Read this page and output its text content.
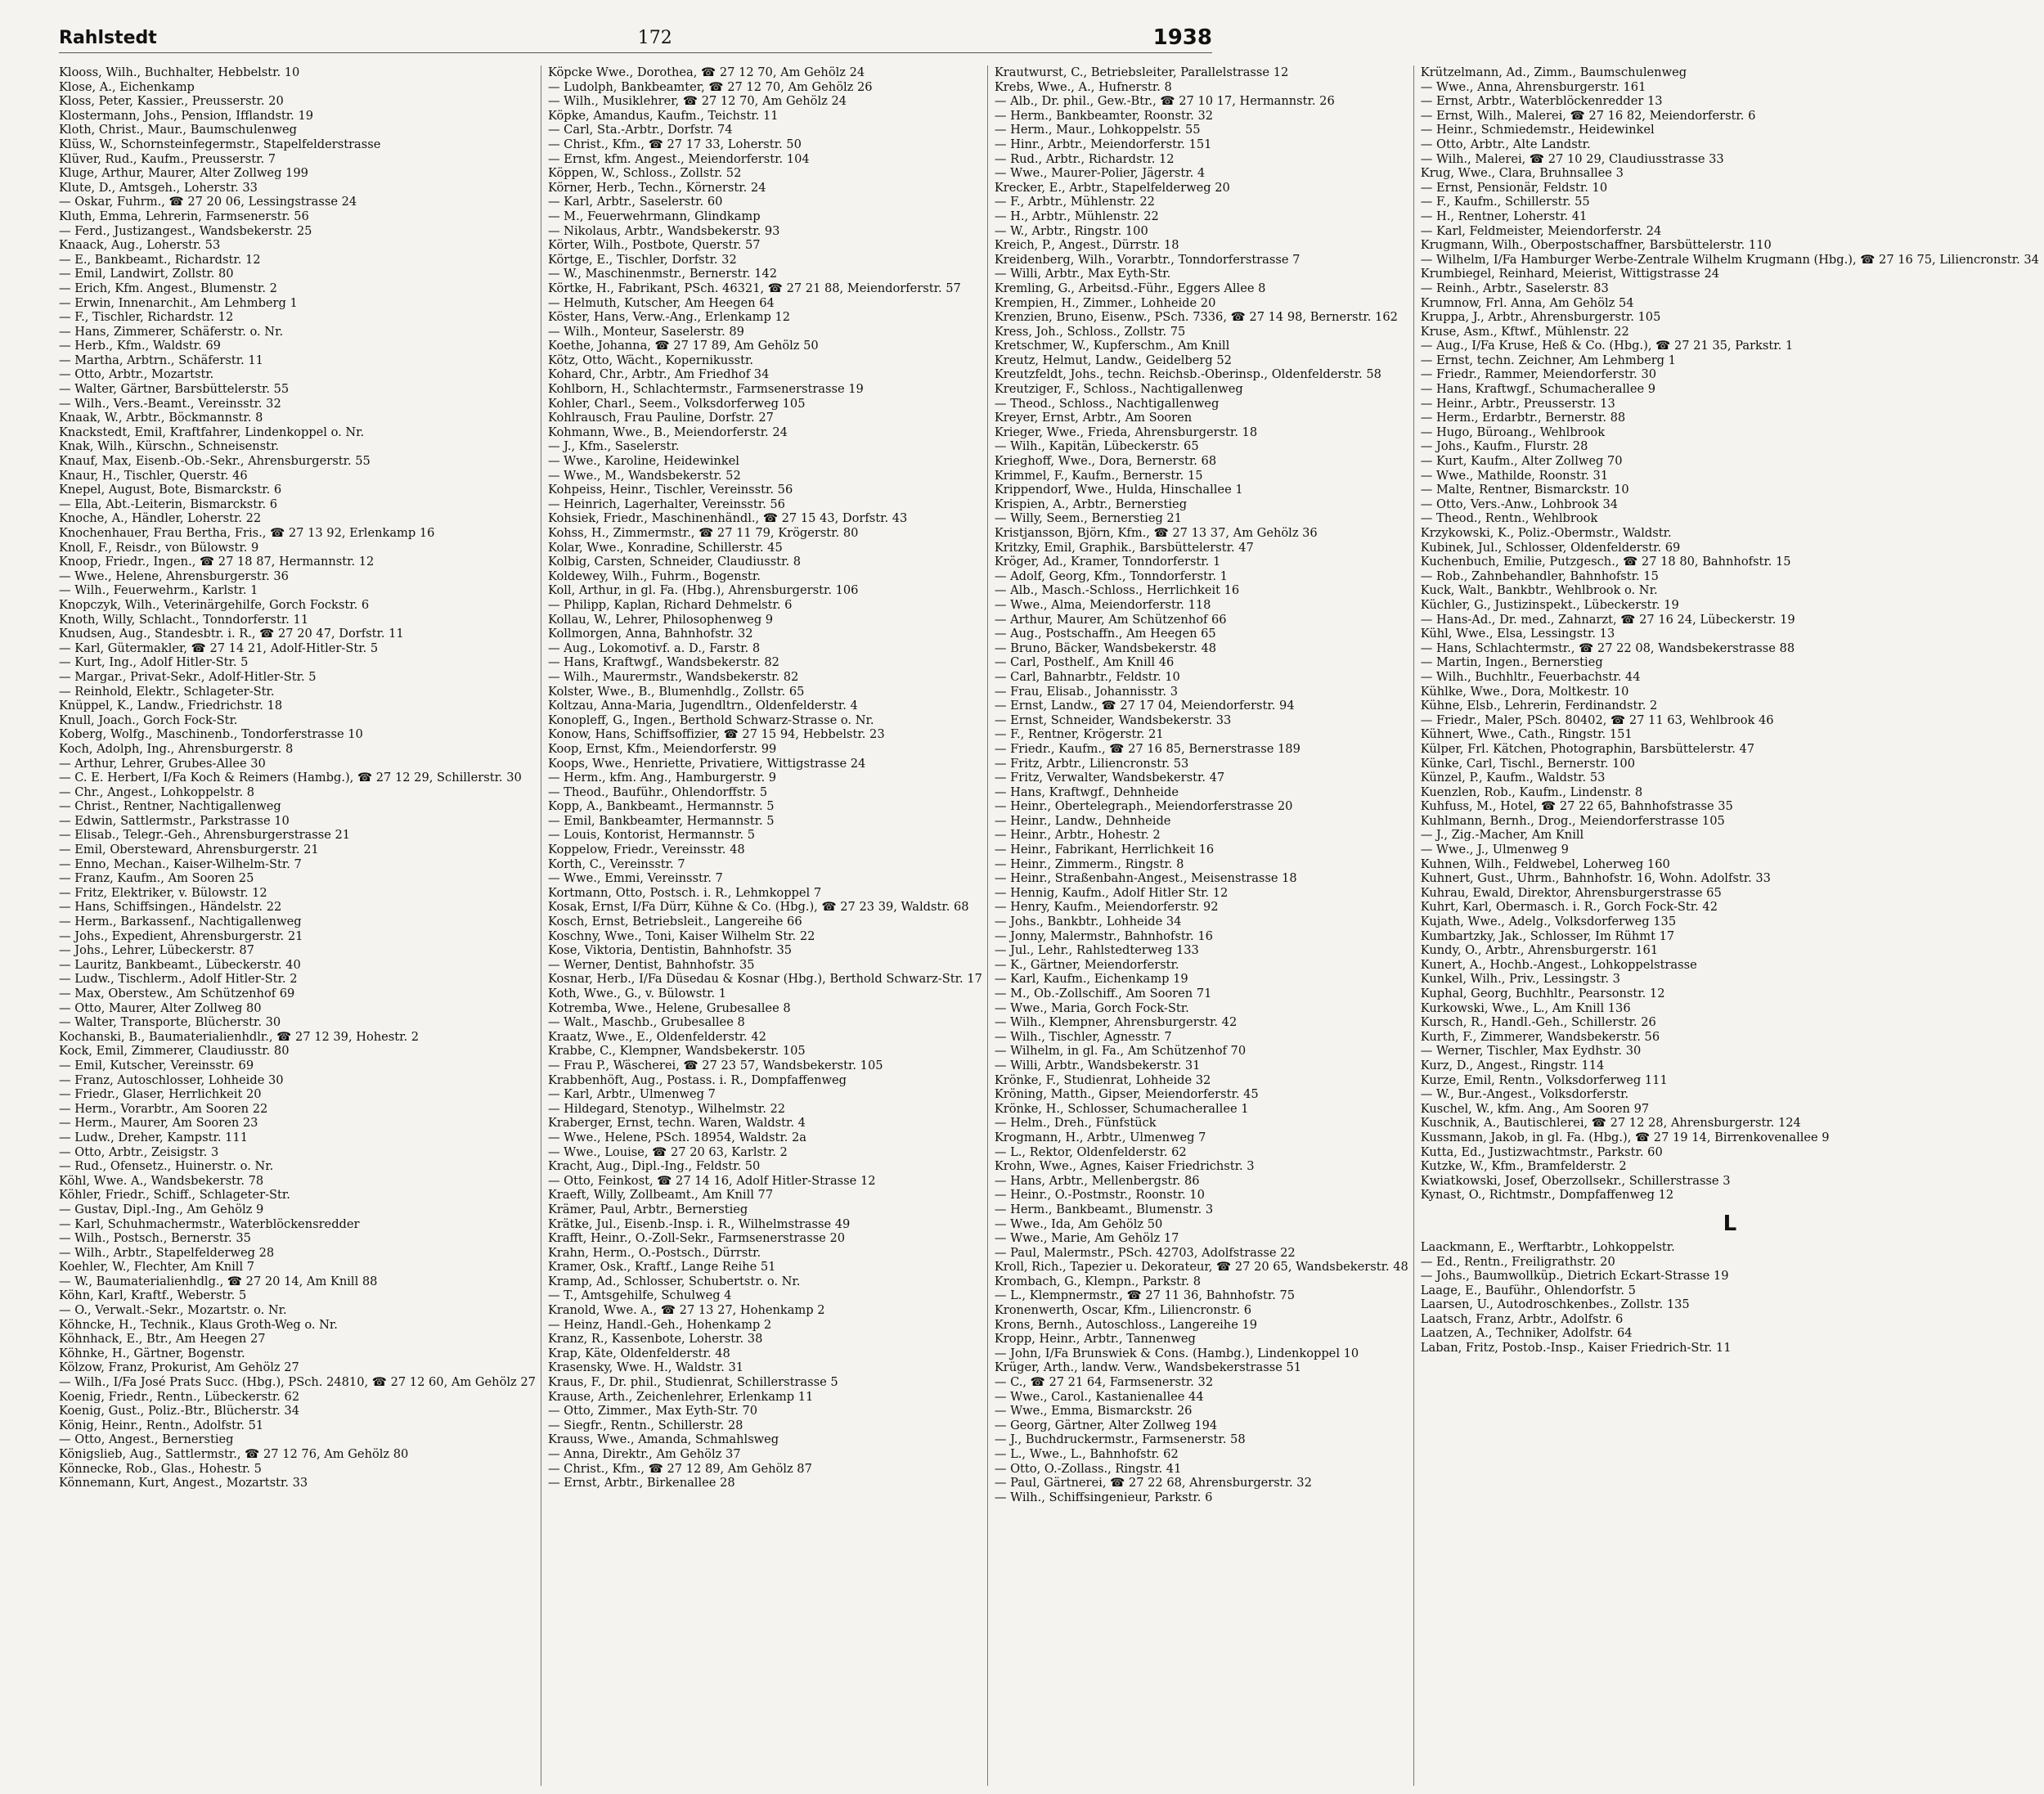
Rahlstedt	172	1938
Klooss, Wilh., Buchhalter, Hebbelstr. 10
Klose, A., Eichenkamp
Kloss, Peter, Kassier., Preusserstr. 20
Klostermann, Johs., Pension, Ifflandstr. 19
Kloth, Christ., Maur., Baumschulenweg
Klüss, W., Schornsteinfegermstr., Stapelfelderstrasse
Klüver, Rud., Kaufm., Preusserstr. 7
Kluge, Arthur, Maurer, Alter Zollweg 199
Klute, D., Amtsgeh., Loherstr. 33
— Oskar, Fuhrm., ☎ 27 20 06, Lessingstrasse 24
Kluth, Emma, Lehrerin, Farmsenerstr. 56
— Ferd., Justizangest., Wandsbekerstr. 25
Knaack, Aug., Loherstr. 53
— E., Bankbeamt., Richardstr. 12
— Emil, Landwirt, Zollstr. 80
— Erich, Kfm. Angest., Blumenstr. 2
— Erwin, Innenarchit., Am Lehmberg 1
— F., Tischler, Richardstr. 12
— Hans, Zimmerer, Schäferstr. o. Nr.
— Herb., Kfm., Waldstr. 69
— Martha, Arbtrn., Schäferstr. 11
— Otto, Arbtr., Mozartstr.
— Walter, Gärtner, Barsbüttelerstr. 55
— Wilh., Vers.-Beamt., Vereinsstr. 32
Knaak, W., Arbtr., Böckmannstr. 8
Knackstedt, Emil, Kraftfahrer, Lindenkoppel o. Nr.
Knak, Wilh., Kürschn., Schneisenstr.
Knauf, Max, Eisenb.-Ob.-Sekr., Ahrensburgerstr. 55
Knaur, H., Tischler, Querstr. 46
Knepel, August, Bote, Bismarckstr. 6
— Ella, Abt.-Leiterin, Bismarckstr. 6
Knoche, A., Händler, Loherstr. 22
Knochenhauer, Frau Bertha, Fris., ☎ 27 13 92, Erlenkamp 16
Knoll, F., Reisdr., von Bülowstr. 9
Knoop, Friedr., Ingen., ☎ 27 18 87, Hermannstr. 12
— Wwe., Helene, Ahrensburgerstr. 36
— Wilh., Feuerwehrm., Karlstr. 1
Knopczyk, Wilh., Veterinärgehilfe, Gorch Fockstr. 6
Knoth, Willy, Schlacht., Tonndorferstr. 11
Knudsen, Aug., Standesbtr. i. R., ☎ 27 20 47, Dorfstr. 11
— Karl, Gütermakler, ☎ 27 14 21, Adolf-Hitler-Str. 5
— Kurt, Ing., Adolf Hitler-Str. 5
— Margar., Privat-Sekr., Adolf-Hitler-Str. 5
— Reinhold, Elektr., Schlageter-Str.
Knüppel, K., Landw., Friedrichstr. 18
Knull, Joach., Gorch Fock-Str.
Koberg, Wolfg., Maschinenb., Tondorferstrasse 10
Koch, Adolph, Ing., Ahrensburgerstr. 8
— Arthur, Lehrer, Grubes-Allee 30
— C. E. Herbert, I/Fa Koch & Reimers (Hambg.), ☎ 27 12 29, Schillerstr. 30
— Chr., Angest., Lohkoppelstr. 8
— Christ., Rentner, Nachtigallenweg
— Edwin, Sattlermstr., Parkstrasse 10
— Elisab., Telegr.-Geh., Ahrensburgerstrasse 21
— Emil, Obersteward, Ahrensburgerstr. 21
— Enno, Mechan., Kaiser-Wilhelm-Str. 7
— Franz, Kaufm., Am Sooren 25
— Fritz, Elektriker, v. Bülowstr. 12
— Hans, Schiffsingen., Händelstr. 22
— Herm., Barkassenf., Nachtigallenweg
— Johs., Expedient, Ahrensburgerstr. 21
— Johs., Lehrer, Lübeckerstr. 87
— Lauritz, Bankbeamt., Lübeckerstr. 40
— Ludw., Tischlerm., Adolf Hitler-Str. 2
— Max, Oberstew., Am Schützenhof 69
— Otto, Maurer, Alter Zollweg 80
— Walter, Transporte, Blücherstr. 30
Kochanski, B., Baumaterialienhdlr., ☎ 27 12 39, Hohestr. 2
Kock, Emil, Zimmerer, Claudiusstr. 80
— Emil, Kutscher, Vereinsstr. 69
— Franz, Autoschlosser, Lohheide 30
— Friedr., Glaser, Herrlichkeit 20
— Herm., Vorarbtr., Am Sooren 22
— Herm., Maurer, Am Sooren 23
— Ludw., Dreher, Kampstr. 111
— Otto, Arbtr., Zeisigstr. 3
— Rud., Ofensetz., Huinerstr. o. Nr.
Köhl, Wwe. A., Wandsbekerstr. 78
Köhler, Friedr., Schiff., Schlageter-Str.
— Gustav, Dipl.-Ing., Am Gehölz 9
— Karl, Schuhmachermstr., Waterblöckensredder
— Wilh., Postsch., Bernerstr. 35
— Wilh., Arbtr., Stapelfelderweg 28
Koehler, W., Flechter, Am Knill 7
— W., Baumaterialienhdlg., ☎ 27 20 14, Am Knill 88
Köhn, Karl, Kraftf., Weberstr. 5
— O., Verwalt.-Sekr., Mozartstr. o. Nr.
Köhncke, H., Technik., Klaus Groth-Weg o. Nr.
Köhnhack, E., Btr., Am Heegen 27
Köhnke, H., Gärtner, Bogenstr.
Kölzow, Franz, Prokurist, Am Gehölz 27
— Wilh., I/Fa José Prats Succ. (Hbg.), PSch. 24810, ☎ 27 12 60, Am Gehölz 27
Koenig, Friedr., Rentn., Lübeckerstr. 62
Koenig, Gust., Poliz.-Btr., Blücherstr. 34
König, Heinr., Rentn., Adolfstr. 51
— Otto, Angest., Bernerstieg
Königslieb, Aug., Sattlermstr., ☎ 27 12 76, Am Gehölz 80
Könnecke, Rob., Glas., Hohestr. 5
Könnemann, Kurt, Angest., Mozartstr. 33
Köpcke Wwe., Dorothea, ☎ 27 12 70, Am Gehölz 24
— Ludolph, Bankbeamter, ☎ 27 12 70, Am Gehölz 26
— Wilh., Musiklehrer, ☎ 27 12 70, Am Gehölz 24
Köpke, Amandus, Kaufm., Teichstr. 11
— Carl, Sta.-Arbtr., Dorfstr. 74
— Christ., Kfm., ☎ 27 17 33, Loherstr. 50
— Ernst, kfm. Angest., Meiendorferstr. 104
Köppen, W., Schloss., Zollstr. 52
Körner, Herb., Techn., Körnerstr. 24
— Karl, Arbtr., Saselerstr. 60
— M., Feuerwehrmann, Glindkamp
— Nikolaus, Arbtr., Wandsbekerstr. 93
Körter, Wilh., Postbote, Querstr. 57
Körtge, E., Tischler, Dorfstr. 32
— W., Maschinenmstr., Bernerstr. 142
Körtke, H., Fabrikant, PSch. 46321, ☎ 27 21 88, Meiendorferstr. 57
— Helmuth, Kutscher, Am Heegen 64
Köster, Hans, Verw.-Ang., Erlenkamp 12
— Wilh., Monteur, Saselerstr. 89
Koethe, Johanna, ☎ 27 17 89, Am Gehölz 50
Kötz, Otto, Wächt., Kopernikusstr.
Kohard, Chr., Arbtr., Am Friedhof 34
Kohlborn, H., Schlachtermstr., Farmsenerstrasse 19
Kohler, Charl., Seem., Volksdorferweg 105
Kohlrausch, Frau Pauline, Dorfstr. 27
Kohmann, Wwe., B., Meiendorferstr. 24
— J., Kfm., Saselerstr.
— Wwe., Karoline, Heidewinkel
— Wwe., M., Wandsbekerstr. 52
Kohpeiss, Heinr., Tischler, Vereinsstr. 56
— Heinrich, Lagerhalter, Vereinsstr. 56
Kohsiek, Friedr., Maschinenhändl., ☎ 27 15 43, Dorfstr. 43
Kohss, H., Zimmermstr., ☎ 27 11 79, Krögerstr. 80
Kolar, Wwe., Konradine, Schillerstr. 45
Kolbig, Carsten, Schneider, Claudiusstr. 8
Koldewey, Wilh., Fuhrm., Bogenstr.
Koll, Arthur, in gl. Fa. (Hbg.), Ahrensburgerstr. 106
— Philipp, Kaplan, Richard Dehmelstr. 6
Kollau, W., Lehrer, Philosophenweg 9
Kollmorgen, Anna, Bahnhofstr. 32
— Aug., Lokomotivf. a. D., Farstr. 8
— Hans, Kraftwgf., Wandsbekerstr. 82
— Wilh., Maurermstr., Wandsbekerstr. 82
Kolster, Wwe., B., Blumenhdlg., Zollstr. 65
Koltzau, Anna-Maria, Jugendltrn., Oldenfelderstr. 4
Konopleff, G., Ingen., Berthold Schwarz-Strasse o. Nr.
Konow, Hans, Schiffsoffizier, ☎ 27 15 94, Hebbelstr. 23
Koop, Ernst, Kfm., Meiendorferstr. 99
Koops, Wwe., Henriette, Privatiere, Wittigstrasse 24
— Herm., kfm. Ang., Hamburgerstr. 9
— Theod., Bauführ., Ohlendorffstr. 5
Kopp, A., Bankbeamt., Hermannstr. 5
— Emil, Bankbeamter, Hermannstr. 5
— Louis, Kontorist, Hermannstr. 5
Koppelow, Friedr., Vereinsstr. 48
Korth, C., Vereinsstr. 7
— Wwe., Emmi, Vereinsstr. 7
Kortmann, Otto, Postsch. i. R., Lehmkoppel 7
Kosak, Ernst, I/Fa Dürr, Kühne & Co. (Hbg.), ☎ 27 23 39, Waldstr. 68
Kosch, Ernst, Betriebsleit., Langereihe 66
Koschny, Wwe., Toni, Kaiser Wilhelm Str. 22
Kose, Viktoria, Dentistin, Bahnhofstr. 35
— Werner, Dentist, Bahnhofstr. 35
Kosnar, Herb., I/Fa Düsedau & Kosnar (Hbg.), Berthold Schwarz-Str. 17
Koth, Wwe., G., v. Bülowstr. 1
Kotremba, Wwe., Helene, Grubesallee 8
— Walt., Maschb., Grubesallee 8
Kraatz, Wwe., E., Oldenfelderstr. 42
Krabbe, C., Klempner, Wandsbekerstr. 105
— Frau P., Wäscherei, ☎ 27 23 57, Wandsbekerstr. 105
Krabbenhöft, Aug., Postass. i. R., Dompfaffenweg
— Karl, Arbtr., Ulmenweg 7
— Hildegard, Stenotyp., Wilhelmstr. 22
Kraberger, Ernst, techn. Waren, Waldstr. 4
— Wwe., Helene, PSch. 18954, Waldstr. 2a
— Wwe., Louise, ☎ 27 20 63, Karlstr. 2
Kracht, Aug., Dipl.-Ing., Feldstr. 50
— Otto, Feinkost, ☎ 27 14 16, Adolf Hitler-Strasse 12
Kraeft, Willy, Zollbeamt., Am Knill 77
Krämer, Paul, Arbtr., Bernerstieg
Krätke, Jul., Eisenb.-Insp. i. R., Wilhelmstrasse 49
Krafft, Heinr., O.-Zoll-Sekr., Farmsenerstrasse 20
Krahn, Herm., O.-Postsch., Dürrstr.
Kramer, Osk., Kraftf., Lange Reihe 51
Kramp, Ad., Schlosser, Schubertstr. o. Nr.
— T., Amtsgehilfe, Schulweg 4
Kranold, Wwe. A., ☎ 27 13 27, Hohenkamp 2
— Heinz, Handl.-Geh., Hohenkamp 2
Kranz, R., Kassenbote, Loherstr. 38
Krap, Käte, Oldenfelderstr. 48
Krasensky, Wwe. H., Waldstr. 31
Kraus, F., Dr. phil., Studienrat, Schillerstrasse 5
Krause, Arth., Zeichenlehrer, Erlenkamp 11
— Otto, Zimmer., Max Eyth-Str. 70
— Siegfr., Rentn., Schillerstr. 28
Krauss, Wwe., Amanda, Schmahlsweg
— Anna, Direktr., Am Gehölz 37
— Christ., Kfm., ☎ 27 12 89, Am Gehölz 87
— Ernst, Arbtr., Birkenallee 28
Krautwurst, C., Betriebsleiter, Parallelstrasse 12
Krebs, Wwe., A., Hufnerstr. 8
— Alb., Dr. phil., Gew.-Btr., ☎ 27 10 17, Hermannstr. 26
— Herm., Bankbeamter, Roonstr. 32
— Herm., Maur., Lohkoppelstr. 55
— Hinr., Arbtr., Meiendorferstr. 151
— Rud., Arbtr., Richardstr. 12
— Wwe., Maurer-Polier, Jägerstr. 4
Krecker, E., Arbtr., Stapelfelderweg 20
— F., Arbtr., Mühlenstr. 22
— H., Arbtr., Mühlenstr. 22
— W., Arbtr., Ringstr. 100
Kreich, P., Angest., Dürrstr. 18
Kreidenberg, Wilh., Vorarbtr., Tonndorferstrasse 7
— Willi, Arbtr., Max Eyth-Str.
Kremling, G., Arbeitsd.-Führ., Eggers Allee 8
Krempien, H., Zimmer., Lohheide 20
Krenzien, Bruno, Eisenw., PSch. 7336, ☎ 27 14 98, Bernerstr. 162
Kress, Joh., Schloss., Zollstr. 75
Kretschmer, W., Kupferschm., Am Knill
Kreutz, Helmut, Landw., Geidelberg 52
Kreutzfeldt, Johs., techn. Reichsb.-Oberinsp., Oldenfelderstr. 58
Kreutziger, F., Schloss., Nachtigallenweg
— Theod., Schloss., Nachtigallenweg
Kreyer, Ernst, Arbtr., Am Sooren
Krieger, Wwe., Frieda, Ahrensburgerstr. 18
— Wilh., Kapitän, Lübeckerstr. 65
Krieghoff, Wwe., Dora, Bernerstr. 68
Krimmel, F., Kaufm., Bernerstr. 15
Krippendorf, Wwe., Hulda, Hinschallee 1
Krispien, A., Arbtr., Bernerstieg
— Willy, Seem., Bernerstieg 21
Kristjansson, Björn, Kfm., ☎ 27 13 37, Am Gehölz 36
Kritzky, Emil, Graphik., Barsbüttelerstr. 47
Kröger, Ad., Kramer, Tonndorferstr. 1
— Adolf, Georg, Kfm., Tonndorferstr. 1
— Alb., Masch.-Schloss., Herrlichkeit 16
— Wwe., Alma, Meiendorferstr. 118
— Arthur, Maurer, Am Schützenhof 66
— Aug., Postschaffn., Am Heegen 65
— Bruno, Bäcker, Wandsbekerstr. 48
— Carl, Posthelf., Am Knill 46
— Carl, Bahnarbtr., Feldstr. 10
— Frau, Elisab., Johannisstr. 3
— Ernst, Landw., ☎ 27 17 04, Meiendorferstr. 94
— Ernst, Schneider, Wandsbekerstr. 33
— F., Rentner, Krögerstr. 21
— Friedr., Kaufm., ☎ 27 16 85, Bernerstrasse 189
— Fritz, Arbtr., Liliencronstr. 53
— Fritz, Verwalter, Wandsbekerstr. 47
— Hans, Kraftwgf., Dehnheide
— Heinr., Obertelegraph., Meiendorferstrasse 20
— Heinr., Landw., Dehnheide
— Heinr., Arbtr., Hohestr. 2
— Heinr., Fabrikant, Herrlichkeit 16
— Heinr., Zimmerm., Ringstr. 8
— Heinr., Straßenbahn-Angest., Meisenstrasse 18
— Hennig, Kaufm., Adolf Hitler Str. 12
— Henry, Kaufm., Meiendorferstr. 92
— Johs., Bankbtr., Lohheide 34
— Jonny, Malermstr., Bahnhofstr. 16
— Jul., Lehr., Rahlstedterweg 133
— K., Gärtner, Meiendorferstr.
— Karl, Kaufm., Eichenkamp 19
— M., Ob.-Zollschiff., Am Sooren 71
— Wwe., Maria, Gorch Fock-Str.
— Wilh., Klempner, Ahrensburgerstr. 42
— Wilh., Tischler, Agnesstr. 7
— Wilhelm, in gl. Fa., Am Schützenhof 70
— Willi, Arbtr., Wandsbekerstr. 31
Krönke, F., Studienrat, Lohheide 32
Kröning, Matth., Gipser, Meiendorferstr. 45
Krönke, H., Schlosser, Schumacherallee 1
— Helm., Dreh., Fünfstück
Krogmann, H., Arbtr., Ulmenweg 7
— L., Rektor, Oldenfelderstr. 62
Krohn, Wwe., Agnes, Kaiser Friedrichstr. 3
— Hans, Arbtr., Mellenbergstr. 86
— Heinr., O.-Postmstr., Roonstr. 10
— Herm., Bankbeamt., Blumenstr. 3
— Wwe., Ida, Am Gehölz 50
— Wwe., Marie, Am Gehölz 17
— Paul, Malermstr., PSch. 42703, Adolfstrasse 22
Kroll, Rich., Tapezier u. Dekorateur, ☎ 27 20 65, Wandsbekerstr. 48
Krombach, G., Klempn., Parkstr. 8
— L., Klempnermstr., ☎ 27 11 36, Bahnhofstr. 75
Kronenwerth, Oscar, Kfm., Liliencronstr. 6
Krons, Bernh., Autoschloss., Langereihe 19
Kropp, Heinr., Arbtr., Tannenweg
— John, I/Fa Brunswiek & Cons. (Hambg.), Lindenkoppel 10
Krüger, Arth., landw. Verw., Wandsbekerstrasse 51
— C., ☎ 27 21 64, Farmsenerstr. 32
— Wwe., Carol., Kastanienallee 44
— Wwe., Emma, Bismarckstr. 26
— Georg, Gärtner, Alter Zollweg 194
— J., Buchdruckermstr., Farmsenerstr. 58
— L., Wwe., L., Bahnhofstr. 62
— Otto, O.-Zollass., Ringstr. 41
— Paul, Gärtnerei, ☎ 27 22 68, Ahrensburgerstr. 32
— Wilh., Schiffsingenieur, Parkstr. 6
Krützelmann, Ad., Zimm., Baumschulenweg
— Wwe., Anna, Ahrensburgerstr. 161
— Ernst, Arbtr., Waterblöckenredder 13
— Ernst, Wilh., Malerei, ☎ 27 16 82, Meiendorferstr. 6
— Heinr., Schmiedemstr., Heidewinkel
— Otto, Arbtr., Alte Landstr.
— Wilh., Malerei, ☎ 27 10 29, Claudiusstrasse 33
Krug, Wwe., Clara, Bruhnsallee 3
— Ernst, Pensionär, Feldstr. 10
— F., Kaufm., Schillerstr. 55
— H., Rentner, Loherstr. 41
— Karl, Feldmeister, Meiendorferstr. 24
Krugmann, Wilh., Oberpostschaffner, Barsbüttelerstr. 110
— Wilhelm, I/Fa Hamburger Werbe-Zentrale Wilhelm Krugmann (Hbg.), ☎ 27 16 75, Liliencronstr. 34
Krumbiegel, Reinhard, Meierist, Wittigstrasse 24
— Reinh., Arbtr., Saselerstr. 83
Krumnow, Frl. Anna, Am Gehölz 54
Kruppa, J., Arbtr., Ahrensburgerstr. 105
Kruse, Asm., Kftwf., Mühlenstr. 22
— Aug., I/Fa Kruse, Heß & Co. (Hbg.), ☎ 27 21 35, Parkstr. 1
— Ernst, techn. Zeichner, Am Lehmberg 1
— Friedr., Rammer, Meiendorferstr. 30
— Hans, Kraftwgf., Schumacherallee 9
— Heinr., Arbtr., Preusserstr. 13
— Herm., Erdarbtr., Bernerstr. 88
— Hugo, Büroang., Wehlbrook
— Johs., Kaufm., Flurstr. 28
— Kurt, Kaufm., Alter Zollweg 70
— Wwe., Mathilde, Roonstr. 31
— Malte, Rentner, Bismarckstr. 10
— Otto, Vers.-Anw., Lohbrook 34
— Theod., Rentn., Wehlbrook
Krzykowski, K., Poliz.-Obermstr., Waldstr.
Kubinek, Jul., Schlosser, Oldenfelderstr. 69
Kuchenbuch, Emilie, Putzgesch., ☎ 27 18 80, Bahnhofstr. 15
— Rob., Zahnbehandler, Bahnhofstr. 15
Kuck, Walt., Bankbtr., Wehlbrook o. Nr.
Küchler, G., Justizinspekt., Lübeckerstr. 19
— Hans-Ad., Dr. med., Zahnarzt, ☎ 27 16 24, Lübeckerstr. 19
Kühl, Wwe., Elsa, Lessingstr. 13
— Hans, Schlachtermstr., ☎ 27 22 08, Wandsbekerstrasse 88
— Martin, Ingen., Bernerstieg
— Wilh., Buchhltr., Feuerbachstr. 44
Kühlke, Wwe., Dora, Moltkestr. 10
Kühne, Elsb., Lehrerin, Ferdinandstr. 2
— Friedr., Maler, PSch. 80402, ☎ 27 11 63, Wehlbrook 46
Kühnert, Wwe., Cath., Ringstr. 151
Külper, Frl. Kätchen, Photographin, Barsbüttelerstr. 47
Künke, Carl, Tischl., Bernerstr. 100
Künzel, P., Kaufm., Waldstr. 53
Kuenzlen, Rob., Kaufm., Lindenstr. 8
Kuhfuss, M., Hotel, ☎ 27 22 65, Bahnhofstrasse 35
Kuhlmann, Bernh., Drog., Meiendorferstrasse 105
— J., Zig.-Macher, Am Knill
— Wwe., J., Ulmenweg 9
Kuhnen, Wilh., Feldwebel, Loherweg 160
Kuhnert, Gust., Uhrm., Bahnhofstr. 16, Wohn. Adolfstr. 33
Kuhrau, Ewald, Direktor, Ahrensburgerstrasse 65
Kuhrt, Karl, Obermasch. i. R., Gorch Fock-Str. 42
Kujath, Wwe., Adelg., Volksdorferweg 135
Kumbartzky, Jak., Schlosser, Im Rühmt 17
Kundy, O., Arbtr., Ahrensburgerstr. 161
Kunert, A., Hochb.-Angest., Lohkoppelstrasse
Kunkel, Wilh., Priv., Lessingstr. 3
Kuphal, Georg, Buchhltr., Pearsonstr. 12
Kurkowski, Wwe., L., Am Knill 136
Kursch, R., Handl.-Geh., Schillerstr. 26
Kurth, F., Zimmerer, Wandsbekerstr. 56
— Werner, Tischler, Max Eydhstr. 30
Kurz, D., Angest., Ringstr. 114
Kurze, Emil, Rentn., Volksdorferweg 111
— W., Bur.-Angest., Volksdorferstr.
Kuschel, W., kfm. Ang., Am Sooren 97
Kuschnik, A., Bautischlerei, ☎ 27 12 28, Ahrensburgerstr. 124
Kussmann, Jakob, in gl. Fa. (Hbg.), ☎ 27 19 14, Birrenkovenallee 9
Kutta, Ed., Justizwachtmstr., Parkstr. 60
Kutzke, W., Kfm., Bramfelderstr. 2
Kwiatkowski, Josef, Oberzollsekr., Schillerstrasse 3
Kynast, O., Richtmstr., Dompfaffenweg 12
L
Laackmann, E., Werftarbtr., Lohkoppelstr.
— Ed., Rentn., Freiligrathstr. 20
— Johs., Baumwollküp., Dietrich Eckart-Strasse 19
Laage, E., Bauführ., Ohlendorfstr. 5
Laarsen, U., Autodroschkenbes., Zollstr. 135
Laatsch, Franz, Arbtr., Adolfstr. 6
Laatzen, A., Techniker, Adolfstr. 64
Laban, Fritz, Postob.-Insp., Kaiser Friedrich-Str. 11
